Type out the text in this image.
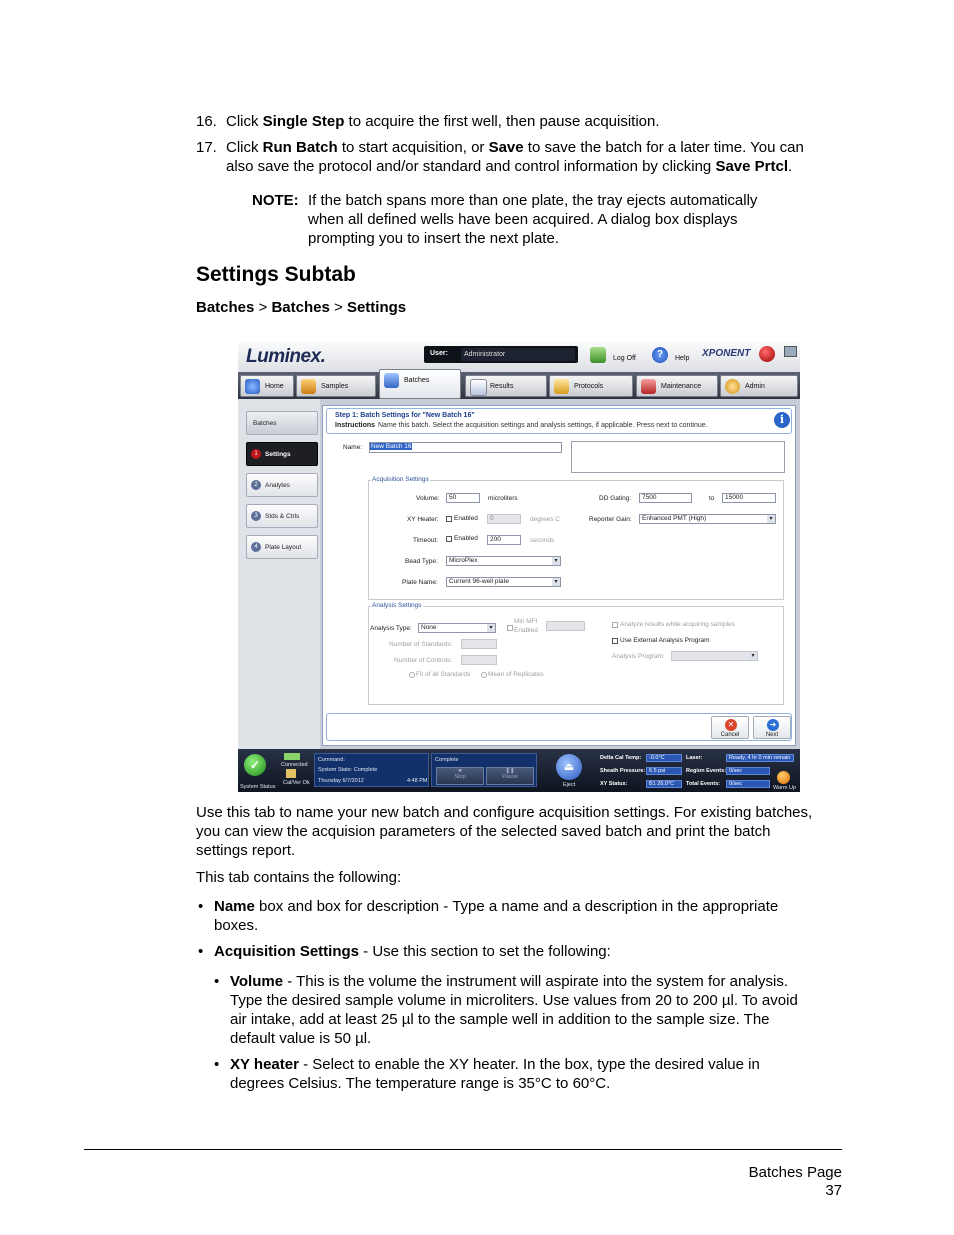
16. Click Single Step to acquire the first well, then pause acquisition.
17. Click Run Batch to start acquisition, or Save to save the batch for a later time. You can
also save the protocol and/or standard and control information by clicking Save Prtcl.
NOTE: If the batch spans more than one plate, the tray ejects automatically
when all defined wells have been acquired. A dialog box displays
prompting you to insert the next plate.
Settings Subtab
Batches > Batches > Settings
Luminex.	User:	Administrator
Log Off	?	Help XPONENT
Home	Samples
Batches
Results	Protocols	Maintenance	Admin
Batches
1	Settings
2	Analytes
3	Stds & Ctrls
4	Plate Layout
Step 1: Batch Settings for "New Batch 16"
Instructions Name this batch. Select the acquisition settings and analysis settings, if applicable. Press next to continue.	i
Name:	New Batch 16
Acquisition Settings
Volume:	50	microliters	DD Gating:	7500	to	15000
XY Heater: Enabled	0	degrees C	Reporter Gain:	Enhanced PMT (High)	▾
Timeout: Enabled	200	seconds
Bead Type:	MicroPlex	▾
Plate Name:	Current 96-well plate	▾
Analysis Settings
Analysis Type:	None	▾
Min MFI
Enabled
Analyze results while acquiring samples
Use External Analysis Program
Analysis Program:	▾
Number of Standards:
Number of Controls:
Fit of all Standards	Mean of Replicates
✕
Cancel
➜
Next
✓
System Status
Connected
Cal/Ver Ok
Command:
System State: Complete
Thursday 6/7/2012	4:48 PM
Complete
■
Stop
❚❚
Pause
⏏
Eject
Delta Cal Temp:	-0.0°C
Sheath Pressure: 6.5 psi
XY Status:	B1 26.0°C
Laser:	Ready, 4 hr 0 min remain
Region Events: 0/sec
Total Events:	0/sec
Warm Up
Use this tab to name your new batch and configure acquisition settings. For existing batches,
you can view the acquision parameters of the selected saved batch and print the batch
settings report.
This tab contains the following:
• Name box and box for description - Type a name and a description in the appropriate
boxes.
• Acquisition Settings - Use this section to set the following:
• Volume - This is the volume the instrument will aspirate into the system for analysis.
Type the desired sample volume in microliters. Use values from 20 to 200 µl. To avoid
air intake, add at least 25 µl to the sample well in addition to the sample size. The
default value is 50 µl.
• XY heater - Select to enable the XY heater. In the box, type the desired value in
degrees Celsius. The temperature range is 35°C to 60°C.
Batches Page
37
